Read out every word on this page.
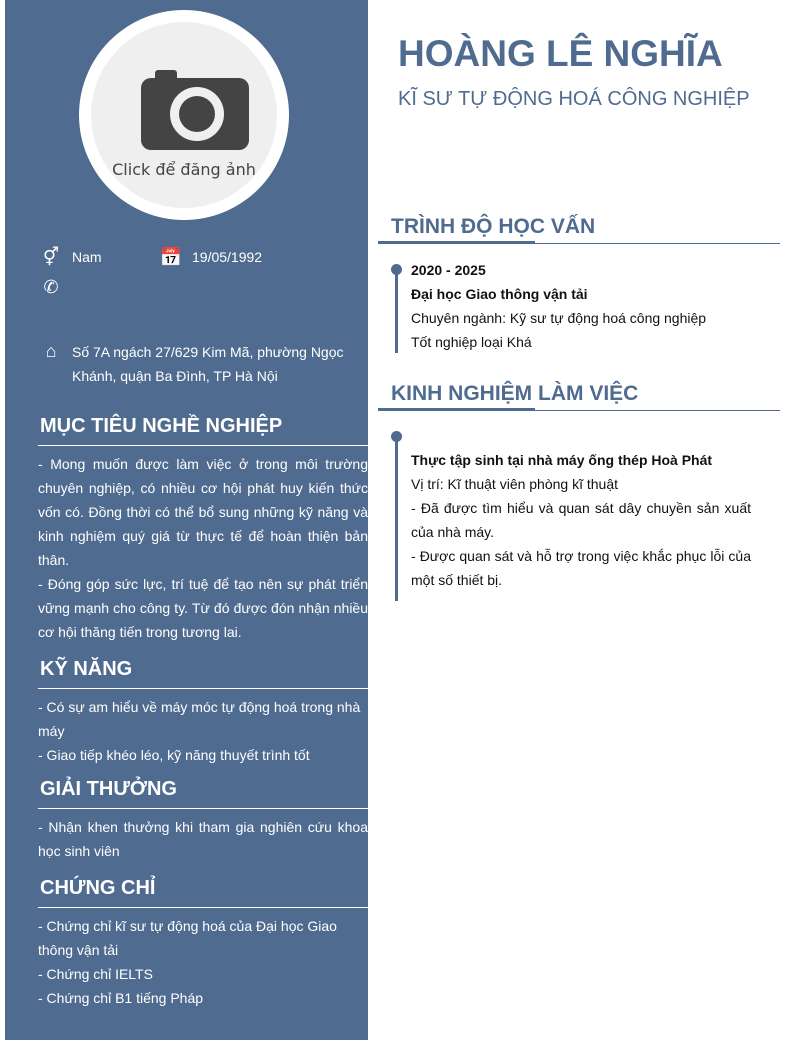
Click để đăng ảnh
⚥ Nam	📅 19/05/1992
✆
⌂	Số 7A ngách 27/629 Kim Mã, phường Ngọc
Khánh, quận Ba Đình, TP Hà Nội
MỤC TIÊU NGHỀ NGHIỆP
- Mong muốn được làm việc ở trong môi trường chuyên nghiệp, có nhiều cơ hội phát huy kiến thức vốn có. Đồng thời có thể bổ sung những kỹ năng và kinh nghiệm quý giá từ thực tế để hoàn thiện bản thân.
- Đóng góp sức lực, trí tuệ để tạo nên sự phát triển vững mạnh cho công ty. Từ đó được đón nhận nhiều cơ hội thăng tiến trong tương lai.
KỸ NĂNG
- Có sự am hiểu về máy móc tự động hoá trong nhà máy
- Giao tiếp khéo léo, kỹ năng thuyết trình tốt
GIẢI THƯỞNG
- Nhận khen thưởng khi tham gia nghiên cứu khoa học sinh viên
CHỨNG CHỈ
- Chứng chỉ kĩ sư tự động hoá của Đại học Giao thông vận tải
- Chứng chỉ IELTS
- Chứng chỉ B1 tiếng Pháp
HOÀNG LÊ NGHĨA
KĨ SƯ TỰ ĐỘNG HOÁ CÔNG NGHIỆP
TRÌNH ĐỘ HỌC VẤN
2020 - 2025
Đại học Giao thông vận tải
Chuyên ngành: Kỹ sư tự động hoá công nghiệp
Tốt nghiệp loại Khá
KINH NGHIỆM LÀM VIỆC
Thực tập sinh tại nhà máy ống thép Hoà Phát
Vị trí: Kĩ thuật viên phòng kĩ thuật
- Đã được tìm hiểu và quan sát dây chuyền sản xuất của nhà máy.
- Được quan sát và hỗ trợ trong việc khắc phục lỗi của một số thiết bị.
